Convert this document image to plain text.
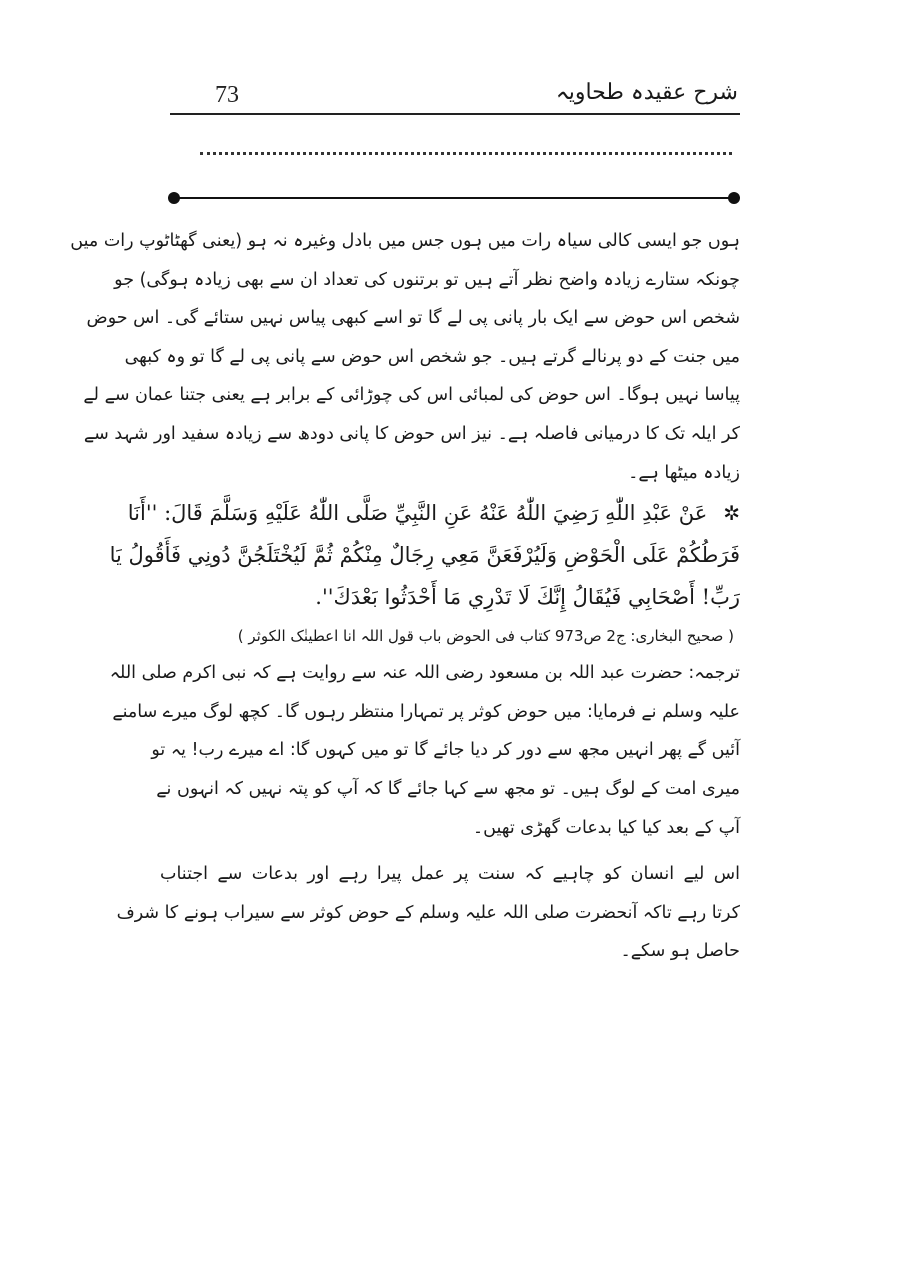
73	شرح عقیدہ طحاویہ
ہوں جو ایسی کالی سیاہ رات میں ہوں جس میں بادل وغیرہ نہ ہو (یعنی گھٹاٹوپ رات میں
چونکہ ستارے زیادہ واضح نظر آتے ہیں تو برتنوں کی تعداد ان سے بھی زیادہ ہوگی) جو
شخص اس حوض سے ایک بار پانی پی لے گا تو اسے کبھی پیاس نہیں ستائے گی۔ اس حوض
میں جنت کے دو پرنالے گرتے ہیں۔ جو شخص اس حوض سے پانی پی لے گا تو وہ کبھی
پیاسا نہیں ہوگا۔ اس حوض کی لمبائی اس کی چوڑائی کے برابر ہے یعنی جتنا عمان سے لے
کر ایلہ تک کا درمیانی فاصلہ ہے۔ نیز اس حوض کا پانی دودھ سے زیادہ سفید اور شہد سے
زیادہ میٹھا ہے۔
✲عَنْ عَبْدِ اللّٰهِ رَضِيَ اللّٰهُ عَنْهُ عَنِ النَّبِيِّ صَلَّى اللّٰهُ عَلَيْهِ وَسَلَّمَ قَالَ: ''أَنَا
فَرَطُكُمْ عَلَى الْحَوْضِ وَلَيُرْفَعَنَّ مَعِي رِجَالٌ مِنْكُمْ ثُمَّ لَيُخْتَلَجُنَّ دُونِي فَأَقُولُ يَا
رَبِّ! أَصْحَابِي فَيُقَالُ إِنَّكَ لَا تَدْرِي مَا أَحْدَثُوا بَعْدَكَ''.
( صحیح البخاری: ج2 ص973 کتاب فی الحوض باب قول اللہ انا اعطینٰک الکوثر )
ترجمہ: حضرت عبد اللہ بن مسعود رضی اللہ عنہ سے روایت ہے کہ نبی اکرم صلی اللہ
علیہ وسلم نے فرمایا: میں حوض کوثر پر تمہارا منتظر رہوں گا۔ کچھ لوگ میرے سامنے
آئیں گے پھر انہیں مجھ سے دور کر دیا جائے گا تو میں کہوں گا: اے میرے رب! یہ تو
میری امت کے لوگ ہیں۔ تو مجھ سے کہا جائے گا کہ آپ کو پتہ نہیں کہ انہوں نے
آپ کے بعد کیا کیا بدعات گھڑی تھیں۔
اس لیے انسان کو چاہیے کہ سنت پر عمل پیرا رہے اور بدعات سے اجتناب
کرتا رہے تاکہ آنحضرت صلی اللہ علیہ وسلم کے حوض کوثر سے سیراب ہونے کا شرف
حاصل ہو سکے۔
